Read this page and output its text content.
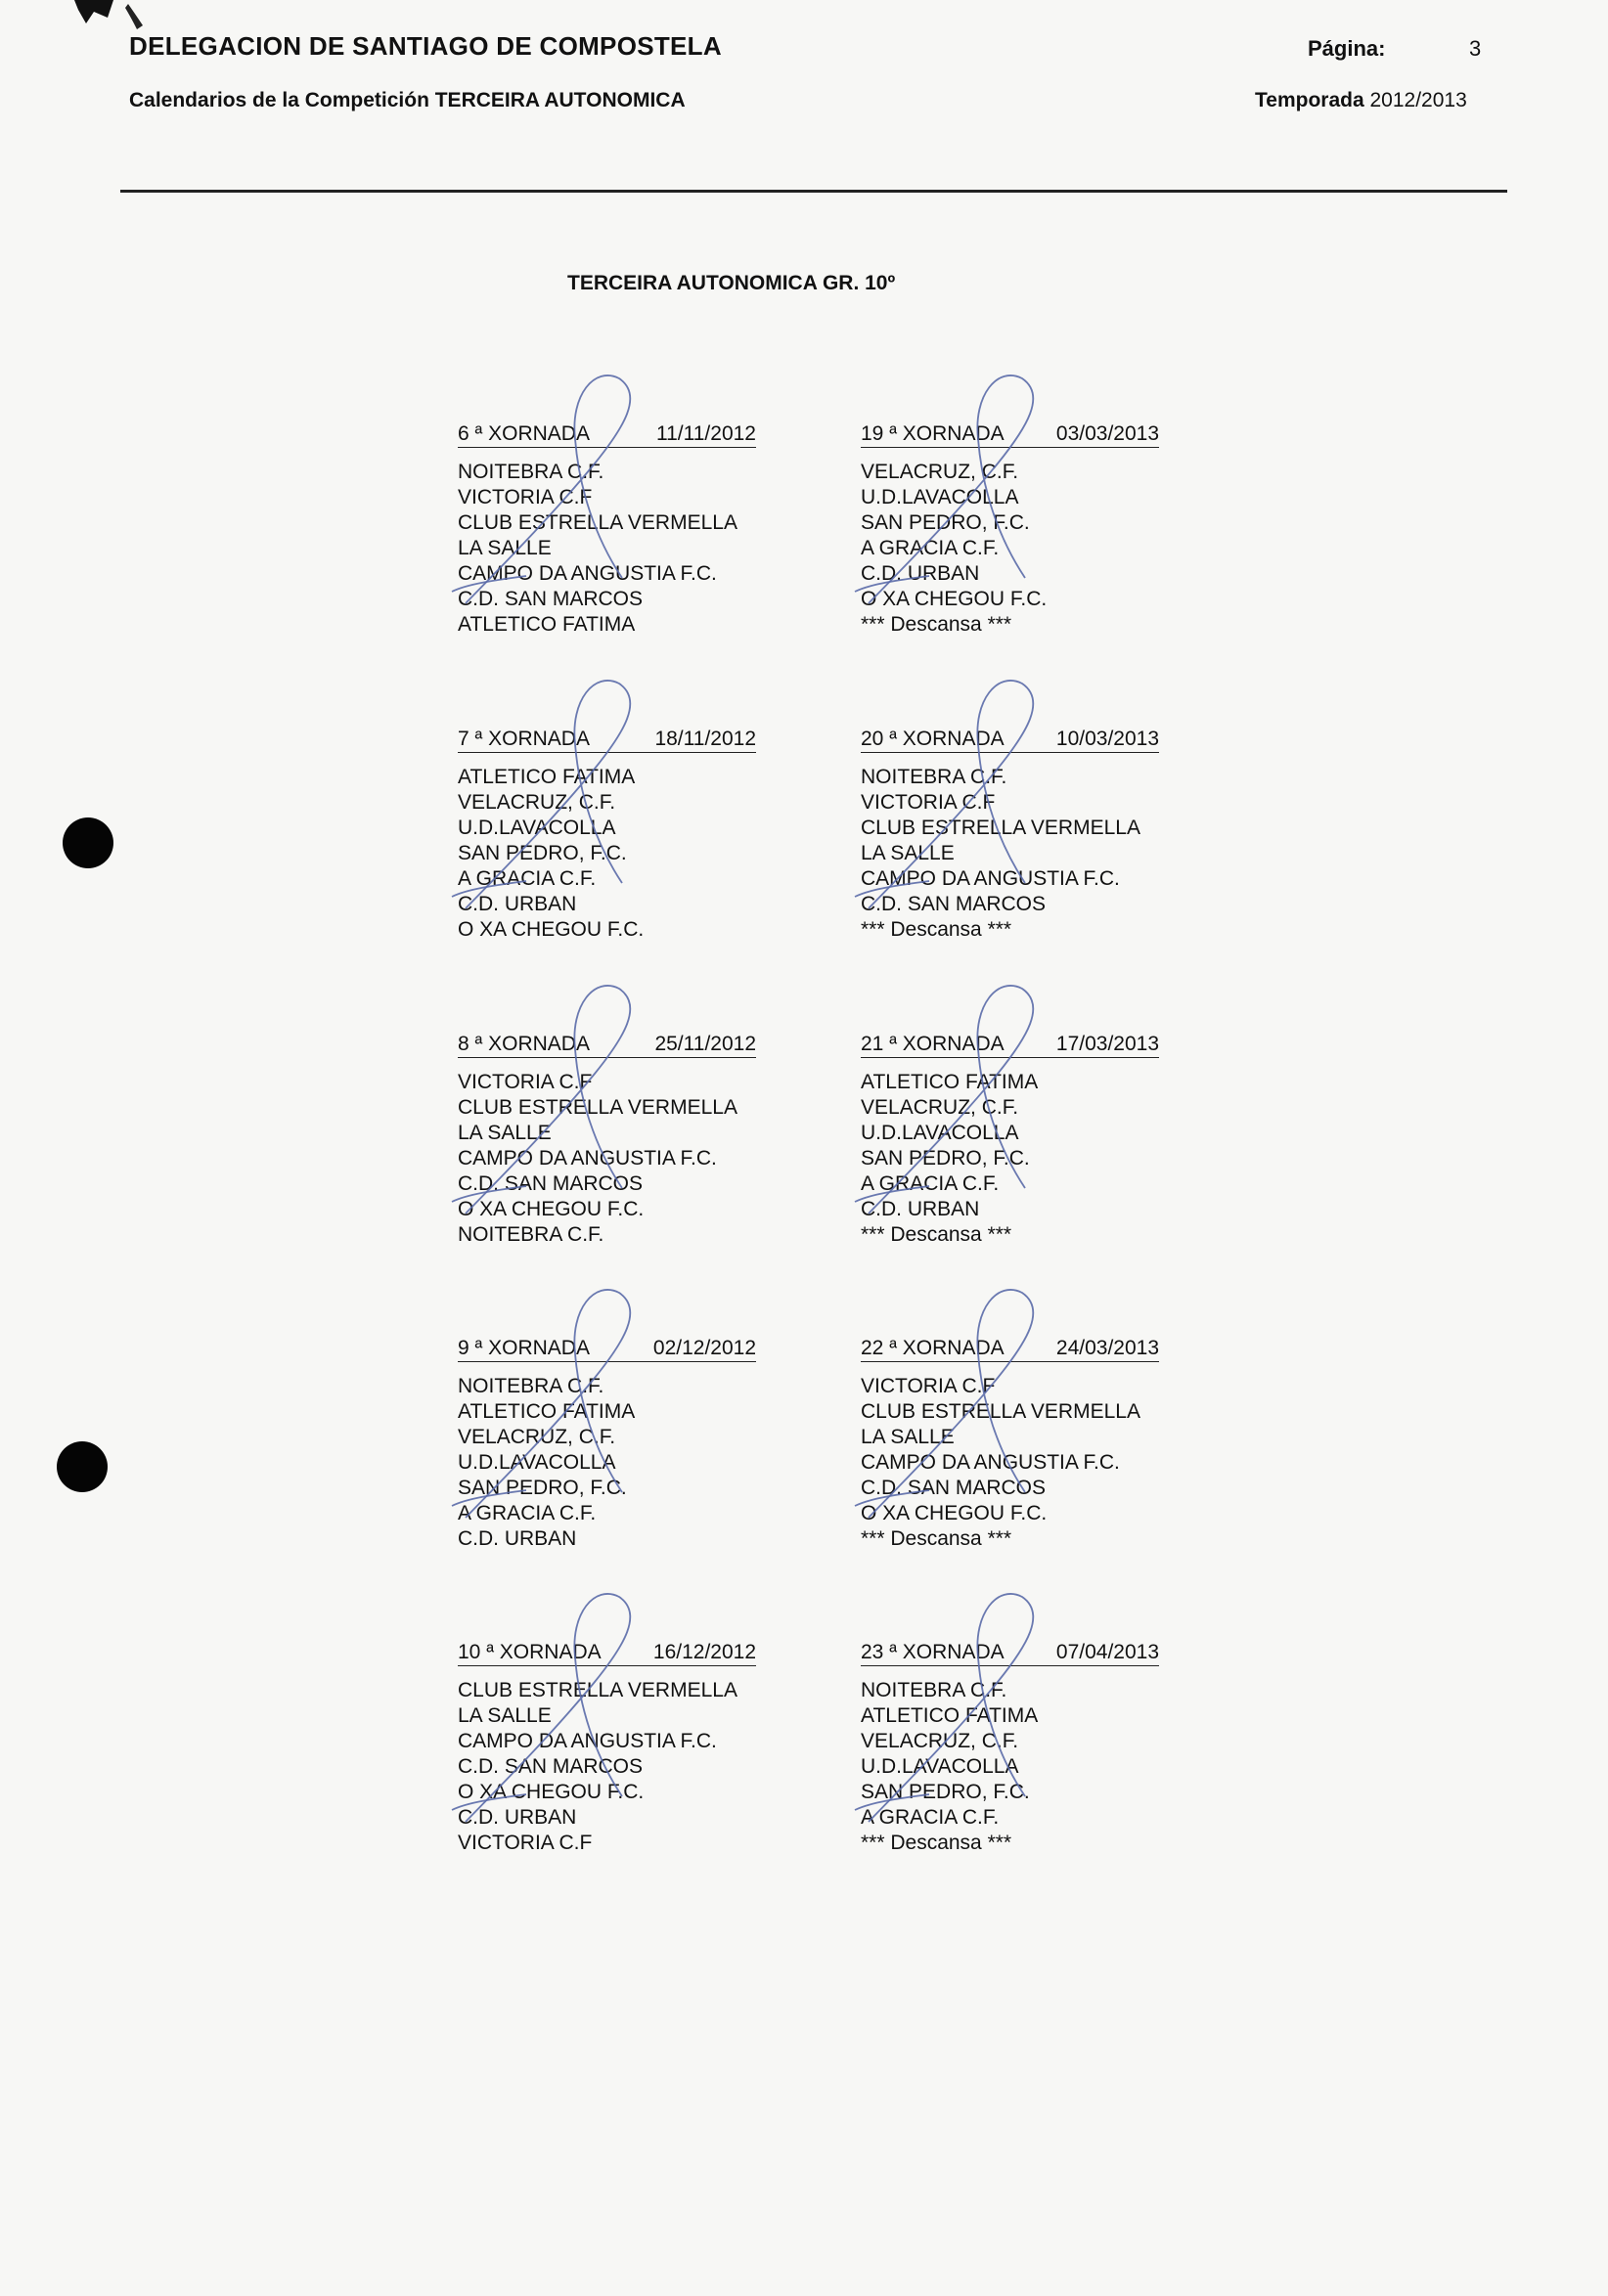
DELEGACION DE SANTIAGO DE COMPOSTELA
Calendarios de la Competición TERCEIRA AUTONOMICA
Página:	3
Temporada 2012/2013
TERCEIRA AUTONOMICA GR. 10º
6 ª XORNADA	11/11/2012
NOITEBRA C.F.
VICTORIA C.F
CLUB ESTRELLA VERMELLA
LA SALLE
CAMPO DA ANGUSTIA F.C.
C.D. SAN MARCOS
ATLETICO FATIMA
19 ª XORNADA	03/03/2013
VELACRUZ, C.F.
U.D.LAVACOLLA
SAN PEDRO, F.C.
A GRACIA C.F.
C.D. URBAN
O XA CHEGOU F.C.
*** Descansa ***
7 ª XORNADA	18/11/2012
ATLETICO FATIMA
VELACRUZ, C.F.
U.D.LAVACOLLA
SAN PEDRO, F.C.
A GRACIA C.F.
C.D. URBAN
O XA CHEGOU F.C.
20 ª XORNADA	10/03/2013
NOITEBRA C.F.
VICTORIA C.F
CLUB ESTRELLA VERMELLA
LA SALLE
CAMPO DA ANGUSTIA F.C.
C.D. SAN MARCOS
*** Descansa ***
8 ª XORNADA	25/11/2012
VICTORIA C.F
CLUB ESTRELLA VERMELLA
LA SALLE
CAMPO DA ANGUSTIA F.C.
C.D. SAN MARCOS
O XA CHEGOU F.C.
NOITEBRA C.F.
21 ª XORNADA	17/03/2013
ATLETICO FATIMA
VELACRUZ, C.F.
U.D.LAVACOLLA
SAN PEDRO, F.C.
A GRACIA C.F.
C.D. URBAN
*** Descansa ***
9 ª XORNADA	02/12/2012
NOITEBRA C.F.
ATLETICO FATIMA
VELACRUZ, C.F.
U.D.LAVACOLLA
SAN PEDRO, F.C.
A GRACIA C.F.
C.D. URBAN
22 ª XORNADA	24/03/2013
VICTORIA C.F
CLUB ESTRELLA VERMELLA
LA SALLE
CAMPO DA ANGUSTIA F.C.
C.D. SAN MARCOS
O XA CHEGOU F.C.
*** Descansa ***
10 ª XORNADA	16/12/2012
CLUB ESTRELLA VERMELLA
LA SALLE
CAMPO DA ANGUSTIA F.C.
C.D. SAN MARCOS
O XA CHEGOU F.C.
C.D. URBAN
VICTORIA C.F
23 ª XORNADA	07/04/2013
NOITEBRA C.F.
ATLETICO FATIMA
VELACRUZ, C.F.
U.D.LAVACOLLA
SAN PEDRO, F.C.
A GRACIA C.F.
*** Descansa ***
